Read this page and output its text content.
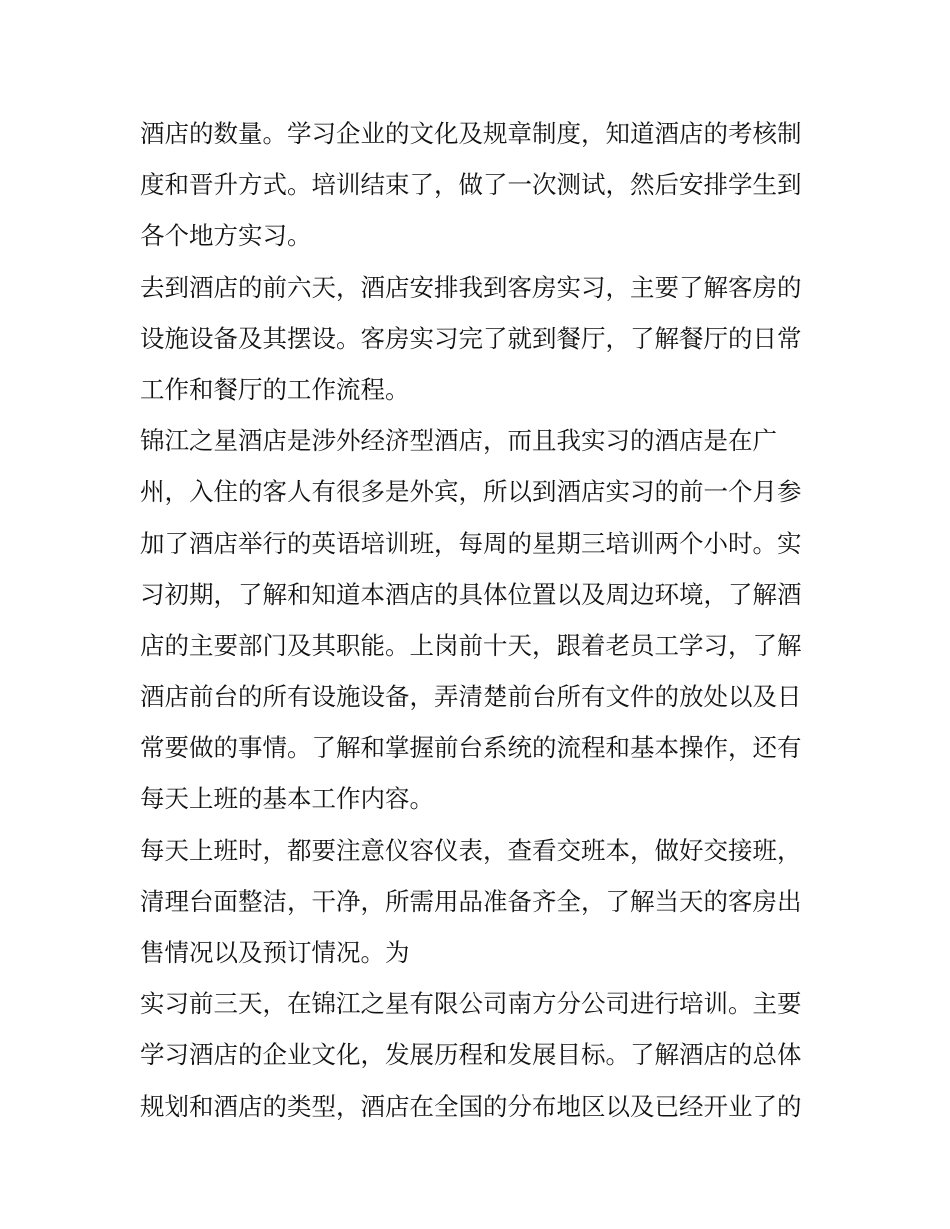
酒店的数量。学习企业的文化及规章制度，知道酒店的考核制
度和晋升方式。培训结束了，做了一次测试，然后安排学生到
各个地方实习。
去到酒店的前六天，酒店安排我到客房实习，主要了解客房的
设施设备及其摆设。客房实习完了就到餐厅，了解餐厅的日常
工作和餐厅的工作流程。
锦江之星酒店是涉外经济型酒店，而且我实习的酒店是在广
州，入住的客人有很多是外宾，所以到酒店实习的前一个月参
加了酒店举行的英语培训班，每周的星期三培训两个小时。实
习初期，了解和知道本酒店的具体位置以及周边环境，了解酒
店的主要部门及其职能。上岗前十天，跟着老员工学习，了解
酒店前台的所有设施设备，弄清楚前台所有文件的放处以及日
常要做的事情。了解和掌握前台系统的流程和基本操作，还有
每天上班的基本工作内容。
每天上班时，都要注意仪容仪表，查看交班本，做好交接班，
清理台面整洁，干净，所需用品准备齐全，了解当天的客房出
售情况以及预订情况。为
实习前三天，在锦江之星有限公司南方分公司进行培训。主要
学习酒店的企业文化，发展历程和发展目标。了解酒店的总体
规划和酒店的类型，酒店在全国的分布地区以及已经开业了的
